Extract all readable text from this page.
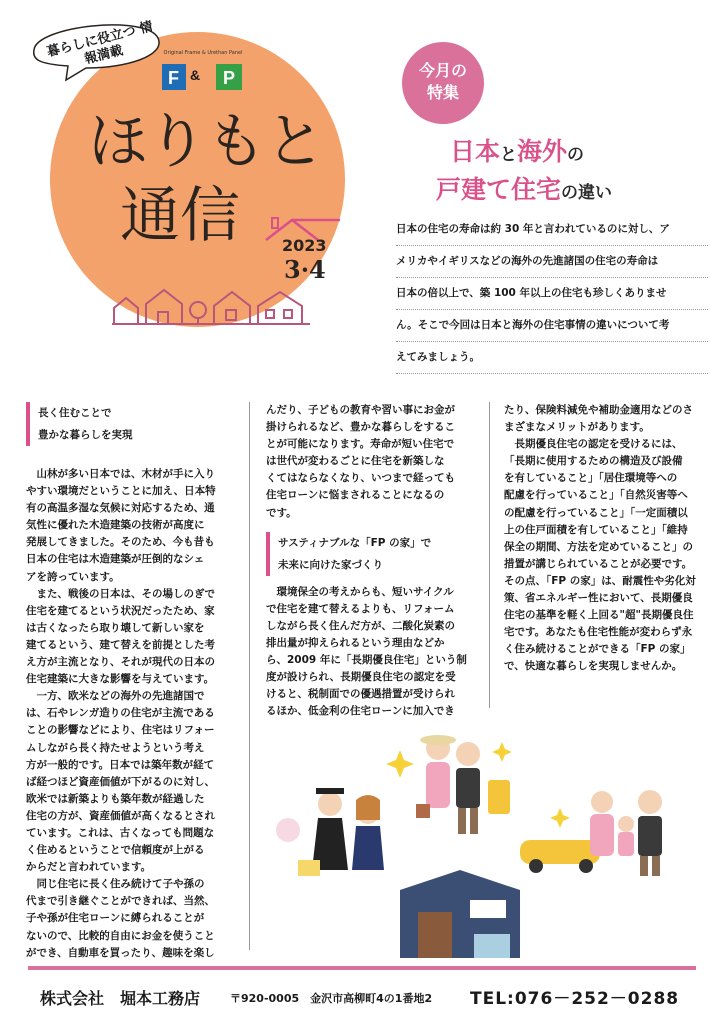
暮らしに役立つ 情報満載
F & P
Original Frame & Urethan Panel
ほりもと
通信	2023
3·4
今月の
特集
日本と海外の
戸建て住宅の違い
日本の住宅の寿命は約 30 年と言われているのに対し、ア
メリカやイギリスなどの海外の先進諸国の住宅の寿命は
日本の倍以上で、築 100 年以上の住宅も珍しくありませ
ん。そこで今回は日本と海外の住宅事情の違いについて考
えてみましょう。
長く住むことで
豊かな暮らしを実現

山林が多い日本では、木材が手に入り

やすい環境だということに加え、日本特

有の高温多湿な気候に対応するため、通

気性に優れた木造建築の技術が高度に

発展してきました。そのため、今も昔も

日本の住宅は木造建築が圧倒的なシェ

アを誇っています。

また、戦後の日本は、その場しのぎで

住宅を建てるという状況だったため、家

は古くなったら取り壊して新しい家を

建てるという、建て替えを前提とした考

え方が主流となり、それが現代の日本の

住宅建築に大きな影響を与えています。

一方、欧米などの海外の先進諸国で

は、石やレンガ造りの住宅が主流である

ことの影響などにより、住宅はリフォー

ムしながら長く持たせようという考え

方が一般的です。日本では築年数が経て

ば経つほど資産価値が下がるのに対し、

欧米では新築よりも築年数が経過した

住宅の方が、資産価値が高くなるとされ

ています。これは、古くなっても問題な

く住めるということで信頼度が上がる

からだと言われています。

同じ住宅に長く住み続けて子や孫の

代まで引き継ぐことができれば、当然、

子や孫が住宅ローンに縛られることが

ないので、比較的自由にお金を使うこと

ができ、自動車を買ったり、趣味を楽し

んだり、子どもの教育や習い事にお金が

掛けられるなど、豊かな暮らしをするこ

とが可能になります。寿命が短い住宅で

は世代が変わるごとに住宅を新築しな

くてはならなくなり、いつまで経っても

住宅ローンに悩まされることになるの

です。

サスティナブルな「FP の家」で
未来に向けた家づくり

環境保全の考えからも、短いサイクル

で住宅を建て替えるよりも、リフォーム

しながら長く住んだ方が、二酸化炭素の

排出量が抑えられるという理由などか

ら、2009 年に「長期優良住宅」という制

度が設けられ、長期優良住宅の認定を受

けると、税制面での優遇措置が受けられ

るほか、低金利の住宅ローンに加入でき

たり、保険料減免や補助金適用などのさ

まざまなメリットがあります。

長期優良住宅の認定を受けるには、

「長期に使用するための構造及び設備

を有していること」「居住環境等への

配慮を行っていること」「自然災害等へ

の配慮を行っていること」「一定面積以

上の住戸面積を有していること」「維持

保全の期間、方法を定めていること」の

措置が講じられていることが必要です。

その点、「FP の家」は、耐震性や劣化対

策、省エネルギー性において、長期優良

住宅の基準を軽く上回る"超"長期優良住

宅です。あなたも住宅性能が変わらず永

く住み続けることができる「FP の家」

で、快適な暮らしを実現しませんか。

株式会社　堀本工務店	〒920-0005　金沢市高柳町4の1番地2 TEL:076－252－0288
